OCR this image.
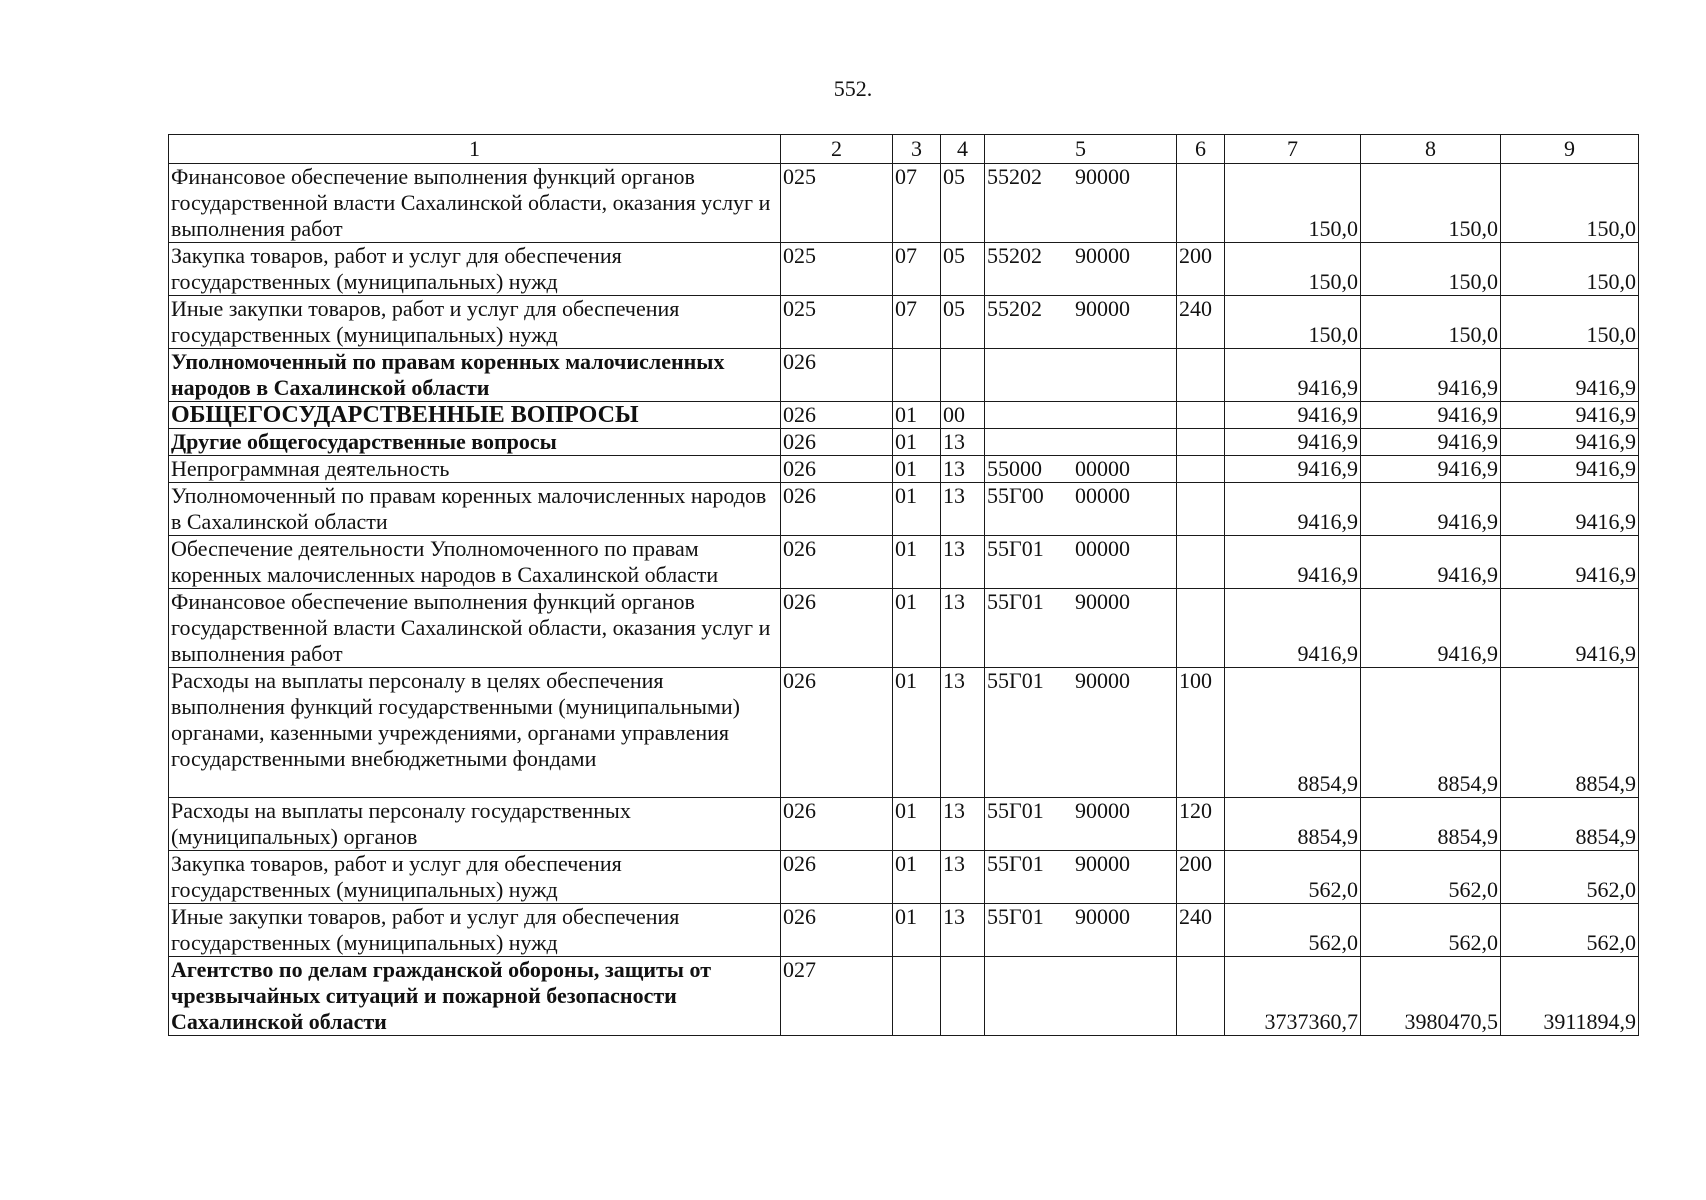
552.
1	2	3	4	5	6	7	8	9
Финансовое обеспечение выполнения функций органов государственной власти Сахалинской области, оказания услуг и выполнения работ	025	07	05	55202 90000		150,0	150,0	150,0
Закупка товаров, работ и услуг для обеспечения государственных (муниципальных) нужд	025	07	05	55202 90000	200	150,0	150,0	150,0
Иные закупки товаров, работ и услуг для обеспечения государственных (муниципальных) нужд	025	07	05	55202 90000	240	150,0	150,0	150,0
Уполномоченный по правам коренных малочисленных народов в Сахалинской области	026					9416,9	9416,9	9416,9
ОБЩЕГОСУДАРСТВЕННЫЕ ВОПРОСЫ	026	01	00			9416,9	9416,9	9416,9
Другие общегосударственные вопросы	026	01	13			9416,9	9416,9	9416,9
Непрограммная деятельность	026	01	13	55000 00000		9416,9	9416,9	9416,9
Уполномоченный по правам коренных малочисленных народов в Сахалинской области	026	01	13	55Г00 00000		9416,9	9416,9	9416,9
Обеспечение деятельности Уполномоченного по правам коренных малочисленных народов в Сахалинской области	026	01	13	55Г01 00000		9416,9	9416,9	9416,9
Финансовое обеспечение выполнения функций органов государственной власти Сахалинской области, оказания услуг и выполнения работ	026	01	13	55Г01 90000		9416,9	9416,9	9416,9
Расходы на выплаты персоналу в целях обеспечения выполнения функций государственными (муниципальными) органами, казенными учреждениями, органами управления государственными внебюджетными фондами	026	01	13	55Г01 90000	100	8854,9	8854,9	8854,9
Расходы на выплаты персоналу государственных (муниципальных) органов	026	01	13	55Г01 90000	120	8854,9	8854,9	8854,9
Закупка товаров, работ и услуг для обеспечения государственных (муниципальных) нужд	026	01	13	55Г01 90000	200	562,0	562,0	562,0
Иные закупки товаров, работ и услуг для обеспечения государственных (муниципальных) нужд	026	01	13	55Г01 90000	240	562,0	562,0	562,0
Агентство по делам гражданской обороны, защиты от чрезвычайных ситуаций и пожарной безопасности Сахалинской области	027					3737360,7	3980470,5	3911894,9
